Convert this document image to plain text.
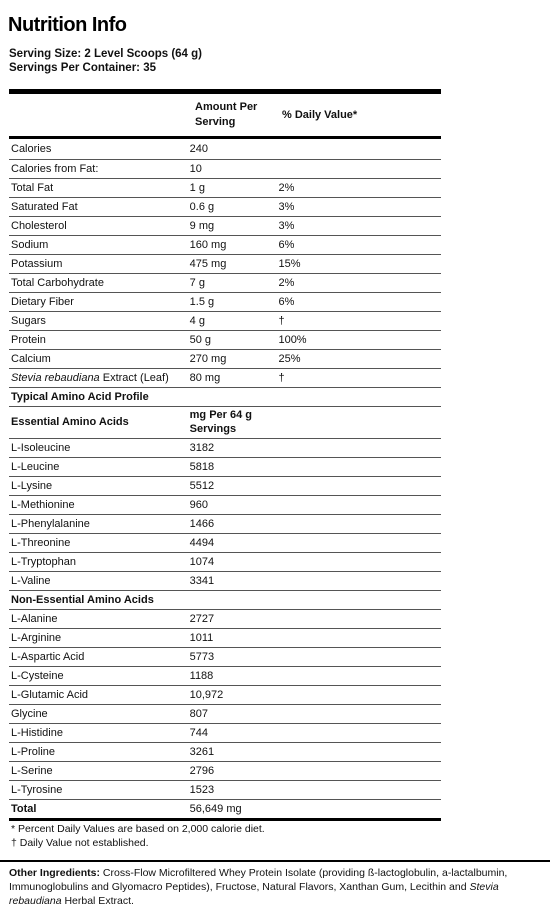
Nutrition Info
Serving Size: 2 Level Scoops (64 g)
Servings Per Container: 35
Amount Per Serving
% Daily Value*
Calories	240	
Calories from Fat:	10	
Total Fat	1 g	2%
Saturated Fat	0.6 g	3%
Cholesterol	9 mg	3%
Sodium	160 mg	6%
Potassium	475 mg	15%
Total Carbohydrate	7 g	2%
Dietary Fiber	1.5 g	6%
Sugars	4 g	†
Protein	50 g	100%
Calcium	270 mg	25%
Stevia rebaudiana Extract (Leaf)	80 mg	†
Typical Amino Acid Profile		
Essential Amino Acids	mg Per 64 g Servings	
L-Isoleucine	3182	
L-Leucine	5818	
L-Lysine	5512	
L-Methionine	960	
L-Phenylalanine	1466	
L-Threonine	4494	
L-Tryptophan	1074	
L-Valine	3341	
Non-Essential Amino Acids		
L-Alanine	2727	
L-Arginine	1011	
L-Aspartic Acid	5773	
L-Cysteine	1188	
L-Glutamic Acid	10,972	
Glycine	807	
L-Histidine	744	
L-Proline	3261	
L-Serine	2796	
L-Tyrosine	1523	
Total	56,649 mg	
* Percent Daily Values are based on 2,000 calorie diet.
† Daily Value not established.
Other Ingredients: Cross-Flow Microfiltered Whey Protein Isolate (providing ß-lactoglobulin, a-lactalbumin, Immunoglobulins and Glyomacro Peptides), Fructose, Natural Flavors, Xanthan Gum, Lecithin and Stevia rebaudiana Herbal Extract.
